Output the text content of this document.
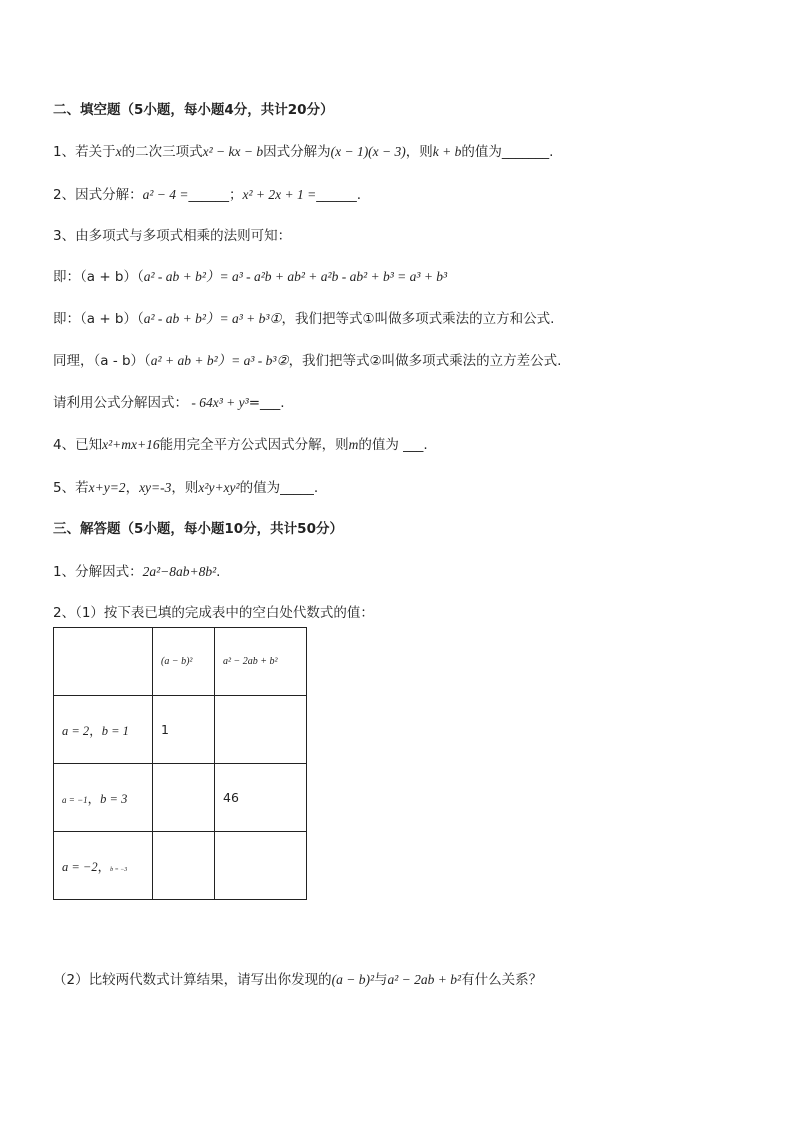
二、填空题（5小题，每小题4分，共计20分）
1、若关于x的二次三项式x² − kx − b因式分解为(x − 1)(x − 3)，则k + b的值为_______.
2、因式分解：a² − 4 =______；x² + 2x + 1 =______.
3、由多项式与多项式相乘的法则可知：
即：（a + b）（a² - ab + b²）= a³ - a²b + ab² + a²b - ab² + b³ = a³ + b³
即：（a + b）（a² - ab + b²）= a³ + b³①，我们把等式①叫做多项式乘法的立方和公式.
同理，（a - b）（a² + ab + b²）= a³ - b³②，我们把等式②叫做多项式乘法的立方差公式.
请利用公式分解因式： - 64x³ + y³=___.
4、已知x²+mx+16能用完全平方公式因式分解，则m的值为 ___.
5、若x+y=2，xy=-3，则x²y+xy²的值为_____.
三、解答题（5小题，每小题10分，共计50分）
1、分解因式：2a²−8ab+8b².
2、（1）按下表已填的完成表中的空白处代数式的值：
	(a − b)²	a² − 2ab + b²
a = 2，b = 1	1	
a = −1，b = 3		46
a = −2，b = −3		
（2）比较两代数式计算结果，请写出你发现的(a − b)²与a² − 2ab + b²有什么关系？
